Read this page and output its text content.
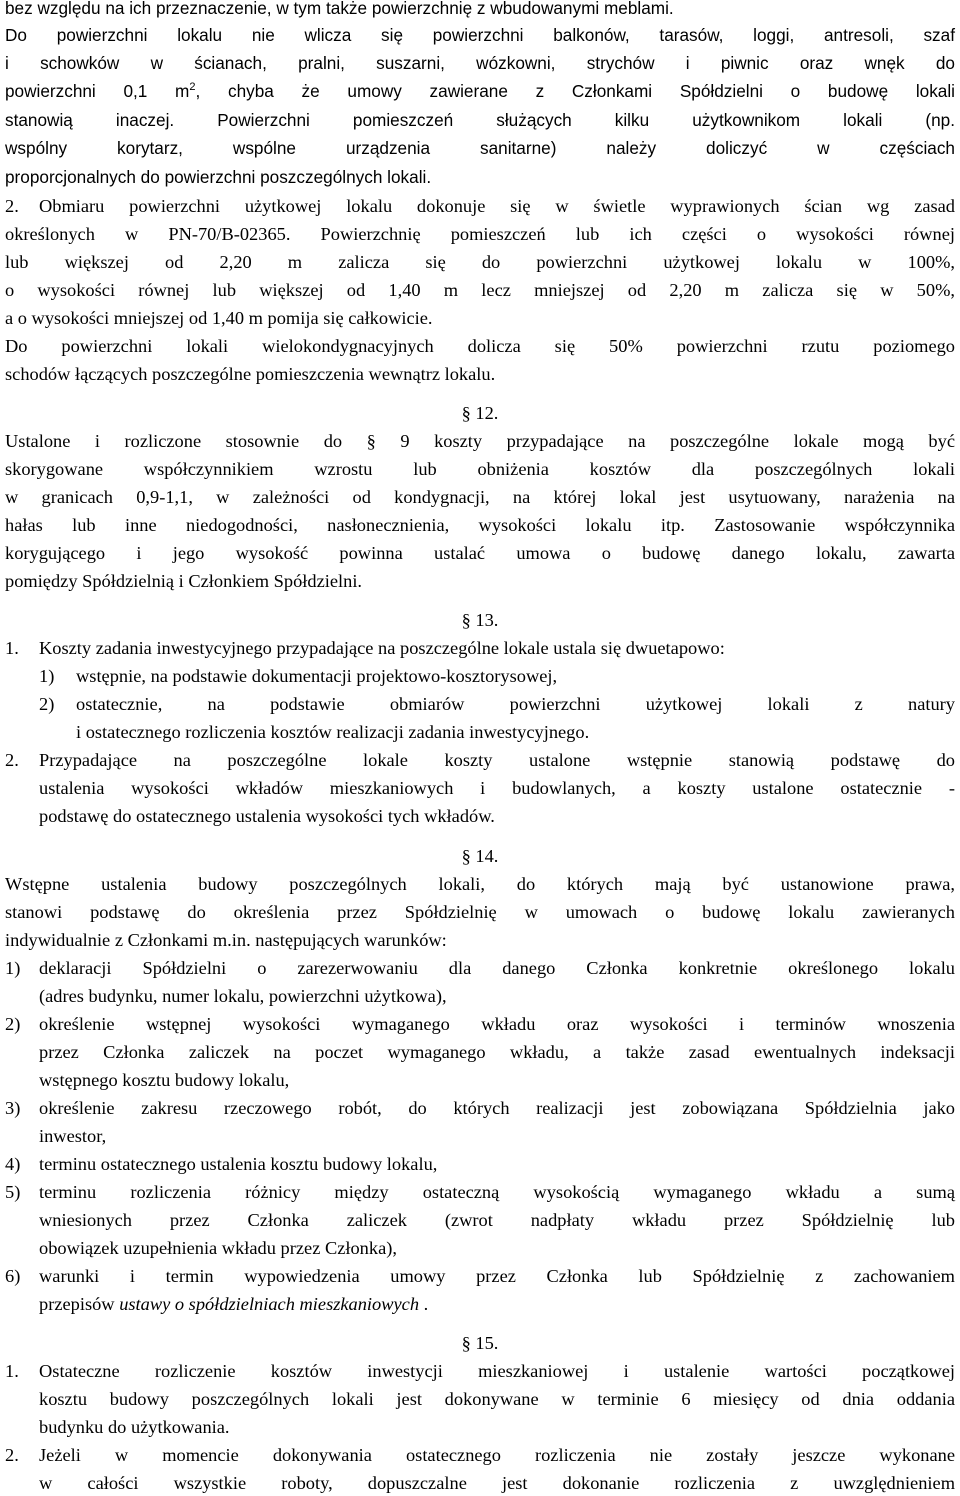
bez względu na ich przeznaczenie, w tym także powierzchnię z wbudowanymi meblami.
Do powierzchni lokalu nie wlicza się powierzchni balkonów, tarasów, loggi, antresoli, szaf
i schowków w ścianach, pralni, suszarni, wózkowni, strychów i piwnic oraz wnęk do
powierzchni 0,1 $m^2$, chyba że umowy zawierane z Członkami Spółdzielni o budowę lokali
stanowią inaczej. Powierzchni pomieszczeń służących kilku użytkownikom lokali (np.
wspólny korytarz, wspólne urządzenia sanitarne) należy doliczyć w częściach
proporcjonalnych do powierzchni poszczególnych lokali.
2. Obmiaru powierzchni użytkowej lokalu dokonuje się w świetle wyprawionych ścian wg zasad
określonych w PN-70/B-02365. Powierzchnię pomieszczeń lub ich części o wysokości równej
lub większej od 2,20 m zalicza się do powierzchni użytkowej lokalu w 100%,
o wysokości równej lub większej od 1,40 m lecz mniejszej od 2,20 m zalicza się w 50%,
a o wysokości mniejszej od 1,40 m pomija się całkowicie.
Do powierzchni lokali wielokondygnacyjnych dolicza się 50% powierzchni rzutu poziomego
schodów łączących poszczególne pomieszczenia wewnątrz lokalu.
§ 12.
Ustalone i rozliczone stosownie do § 9 koszty przypadające na poszczególne lokale mogą być
skorygowane współczynnikiem wzrostu lub obniżenia kosztów dla poszczególnych lokali
w granicach 0,9-1,1, w zależności od kondygnacji, na której lokal jest usytuowany, narażenia na
hałas lub inne niedogodności, nasłonecznienia, wysokości lokalu itp. Zastosowanie współczynnika
korygującego i jego wysokość powinna ustalać umowa o budowę danego lokalu, zawarta
pomiędzy Spółdzielnią i Członkiem Spółdzielni.
§ 13.
1. Koszty zadania inwestycyjnego przypadające na poszczególne lokale ustala się dwuetapowo:
1) wstępnie, na podstawie dokumentacji projektowo-kosztorysowej,
2) ostatecznie, na podstawie obmiarów powierzchni użytkowej lokali z natury
i ostatecznego rozliczenia kosztów realizacji zadania inwestycyjnego.
2. Przypadające na poszczególne lokale koszty ustalone wstępnie stanowią podstawę do
ustalenia wysokości wkładów mieszkaniowych i budowlanych, a koszty ustalone ostatecznie -
podstawę do ostatecznego ustalenia wysokości tych wkładów.
§ 14.
Wstępne ustalenia budowy poszczególnych lokali, do których mają być ustanowione prawa,
stanowi podstawę do określenia przez Spółdzielnię w umowach o budowę lokalu zawieranych
indywidualnie z Członkami m.in. następujących warunków:
1) deklaracji Spółdzielni o zarezerwowaniu dla danego Członka konkretnie określonego lokalu
(adres budynku, numer lokalu, powierzchni użytkowa),
2) określenie wstępnej wysokości wymaganego wkładu oraz wysokości i terminów wnoszenia
przez Członka zaliczek na poczet wymaganego wkładu, a także zasad ewentualnych indeksacji
wstępnego kosztu budowy lokalu,
3) określenie zakresu rzeczowego robót, do których realizacji jest zobowiązana Spółdzielnia jako
inwestor,
4) terminu ostatecznego ustalenia kosztu budowy lokalu,
5) terminu rozliczenia różnicy między ostateczną wysokością wymaganego wkładu a sumą
wniesionych przez Członka zaliczek (zwrot nadpłaty wkładu przez Spółdzielnię lub
obowiązek uzupełnienia wkładu przez Członka),
6) warunki i termin wypowiedzenia umowy przez Członka lub Spółdzielnię z zachowaniem
przepisów ustawy o spółdzielniach mieszkaniowych .
§ 15.
1. Ostateczne rozliczenie kosztów inwestycji mieszkaniowej i ustalenie wartości początkowej
kosztu budowy poszczególnych lokali jest dokonywane w terminie 6 miesięcy od dnia oddania
budynku do użytkowania.
2. Jeżeli w momencie dokonywania ostatecznego rozliczenia nie zostały jeszcze wykonane
w całości wszystkie roboty, dopuszczalne jest dokonanie rozliczenia z uwzględnieniem
